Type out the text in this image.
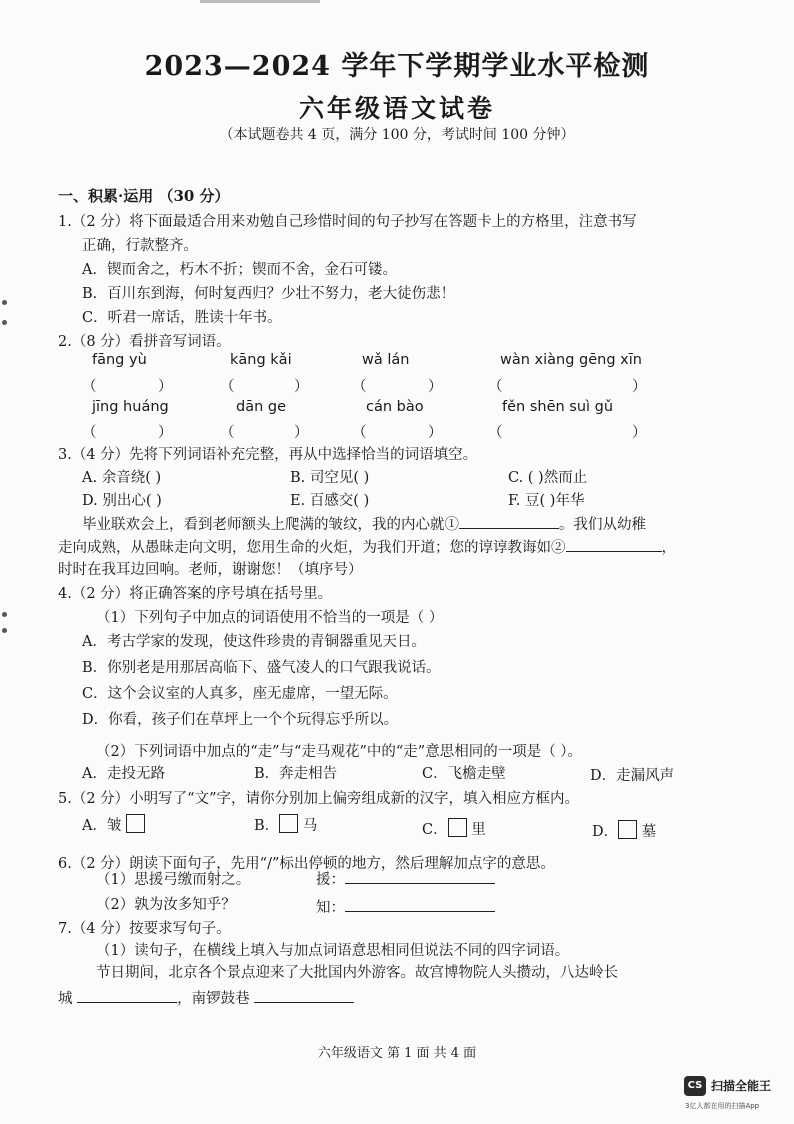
2023—2024 学年下学期学业水平检测
六年级语文试卷
（本试题卷共 4 页，满分 100 分，考试时间 100 分钟）
一、积累·运用 （30 分）
1.（2 分）将下面最适合用来劝勉自己珍惜时间的句子抄写在答题卡上的方格里，注意书写
正确，行款整齐。
A．锲而舍之，朽木不折；锲而不舍，金石可镂。
B．百川东到海，何时复西归？少壮不努力，老大徒伤悲！
C．听君一席话，胜读十年书。
2.（8 分）看拼音写词语。
fāng yù	kāng kǎi	wǎ lán	wàn xiàng gēng xīn
（	）	（	）	（	）	（	）
jīng huáng	dān ge	cán bào	fěn shēn suì gǔ
（	）	（	）	（	）	（	）
3.（4 分）先将下列词语补充完整，再从中选择恰当的词语填空。
A. 余音绕( )	B. 司空见( )	C. ( )然而止
D. 别出心( )	E. 百感交( )	F. 豆( )年华
毕业联欢会上，看到老师额头上爬满的皱纹，我的内心就①	。我们从幼稚
走向成熟，从愚昧走向文明，您用生命的火炬，为我们开道；您的谆谆教诲如②	，
时时在我耳边回响。老师，谢谢您！（填序号）
4.（2 分）将正确答案的序号填在括号里。
（1）下列句子中加点的词语使用不恰当的一项是（ ）
A．考古学家的发现，使这件珍贵的青铜器重见天日。
B．你别老是用那居高临下、盛气凌人的口气跟我说话。
C．这个会议室的人真多，座无虚席，一望无际。
D．你看，孩子们在草坪上一个个玩得忘乎所以。
（2）下列词语中加点的“走”与“走马观花”中的“走”意思相同的一项是（ ）。
A．走投无路	B．奔走相告	C．飞檐走壁	D．走漏风声
5.（2 分）小明写了“文”字，请你分别加上偏旁组成新的汉字，填入相应方框内。
A．皱	B． 马	C． 里	D． 墓
6.（2 分）朗读下面句子，先用“/”标出停顿的地方，然后理解加点字的意思。
（1）思援弓缴而射之。	援：
（2）孰为汝多知乎？	知：
7.（4 分）按要求写句子。
（1）读句子，在横线上填入与加点词语意思相同但说法不同的四字词语。
节日期间，北京各个景点迎来了大批国内外游客。故宫博物院人头攒动，八达岭长
城	，南锣鼓巷
六年级语文 第 1 面 共 4 面
CS 扫描全能王
3亿人都在用的扫描App
